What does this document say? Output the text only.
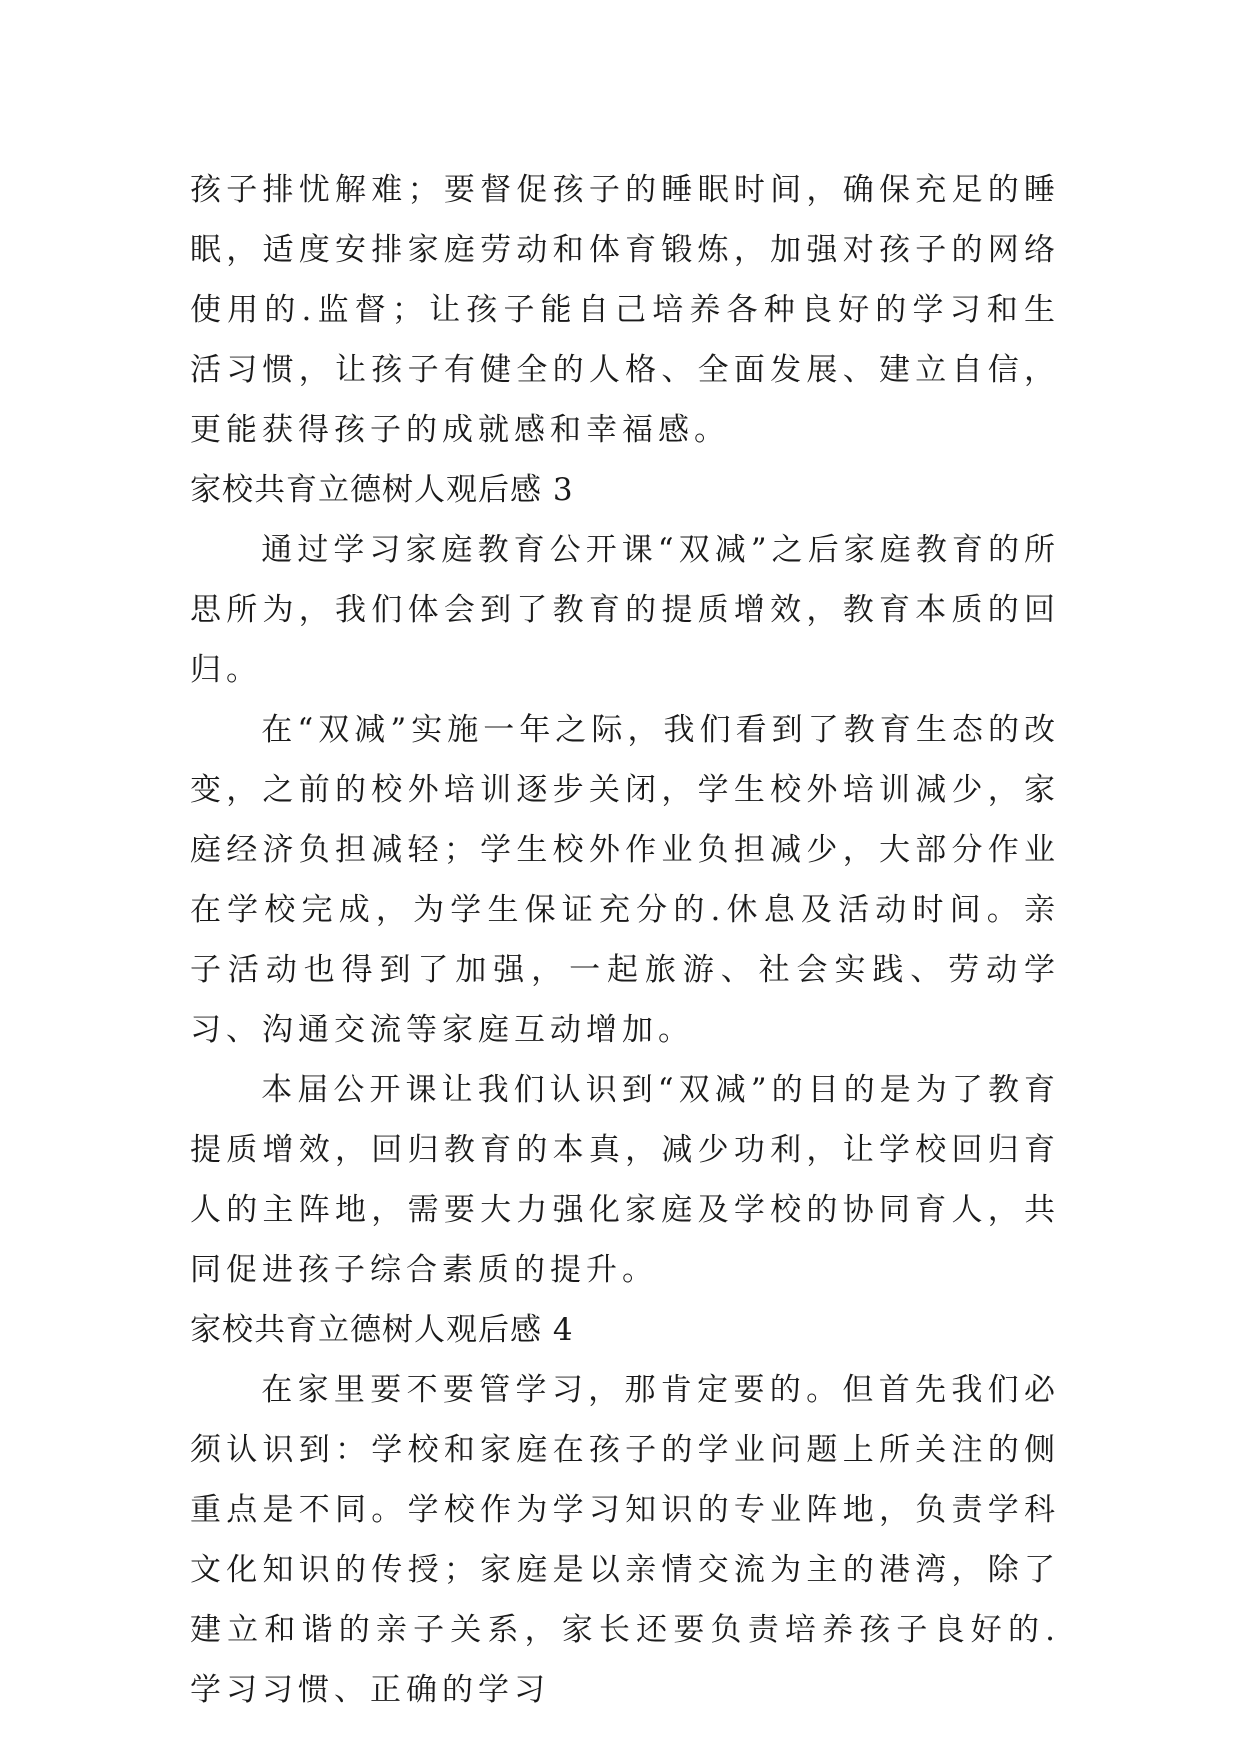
孩子排忧解难；要督促孩子的睡眠时间，确保充足的睡眠，适度安排家庭劳动和体育锻炼，加强对孩子的网络使用的.监督；让孩子能自己培养各种良好的学习和生活习惯，让孩子有健全的人格、全面发展、建立自信，更能获得孩子的成就感和幸福感。

家校共育立德树人观后感 3

通过学习家庭教育公开课“双减”之后家庭教育的所思所为，我们体会到了教育的提质增效，教育本质的回归。

在“双减”实施一年之际，我们看到了教育生态的改变，之前的校外培训逐步关闭，学生校外培训减少，家庭经济负担减轻；学生校外作业负担减少，大部分作业在学校完成，为学生保证充分的.休息及活动时间。亲子活动也得到了加强，一起旅游、社会实践、劳动学习、沟通交流等家庭互动增加。

本届公开课让我们认识到“双减”的目的是为了教育提质增效，回归教育的本真，减少功利，让学校回归育人的主阵地，需要大力强化家庭及学校的协同育人，共同促进孩子综合素质的提升。

家校共育立德树人观后感 4

在家里要不要管学习，那肯定要的。但首先我们必须认识到：学校和家庭在孩子的学业问题上所关注的侧重点是不同。学校作为学习知识的专业阵地，负责学科文化知识的传授；家庭是以亲情交流为主的港湾，除了建立和谐的亲子关系，家长还要负责培养孩子良好的.学习习惯、正确的学习
